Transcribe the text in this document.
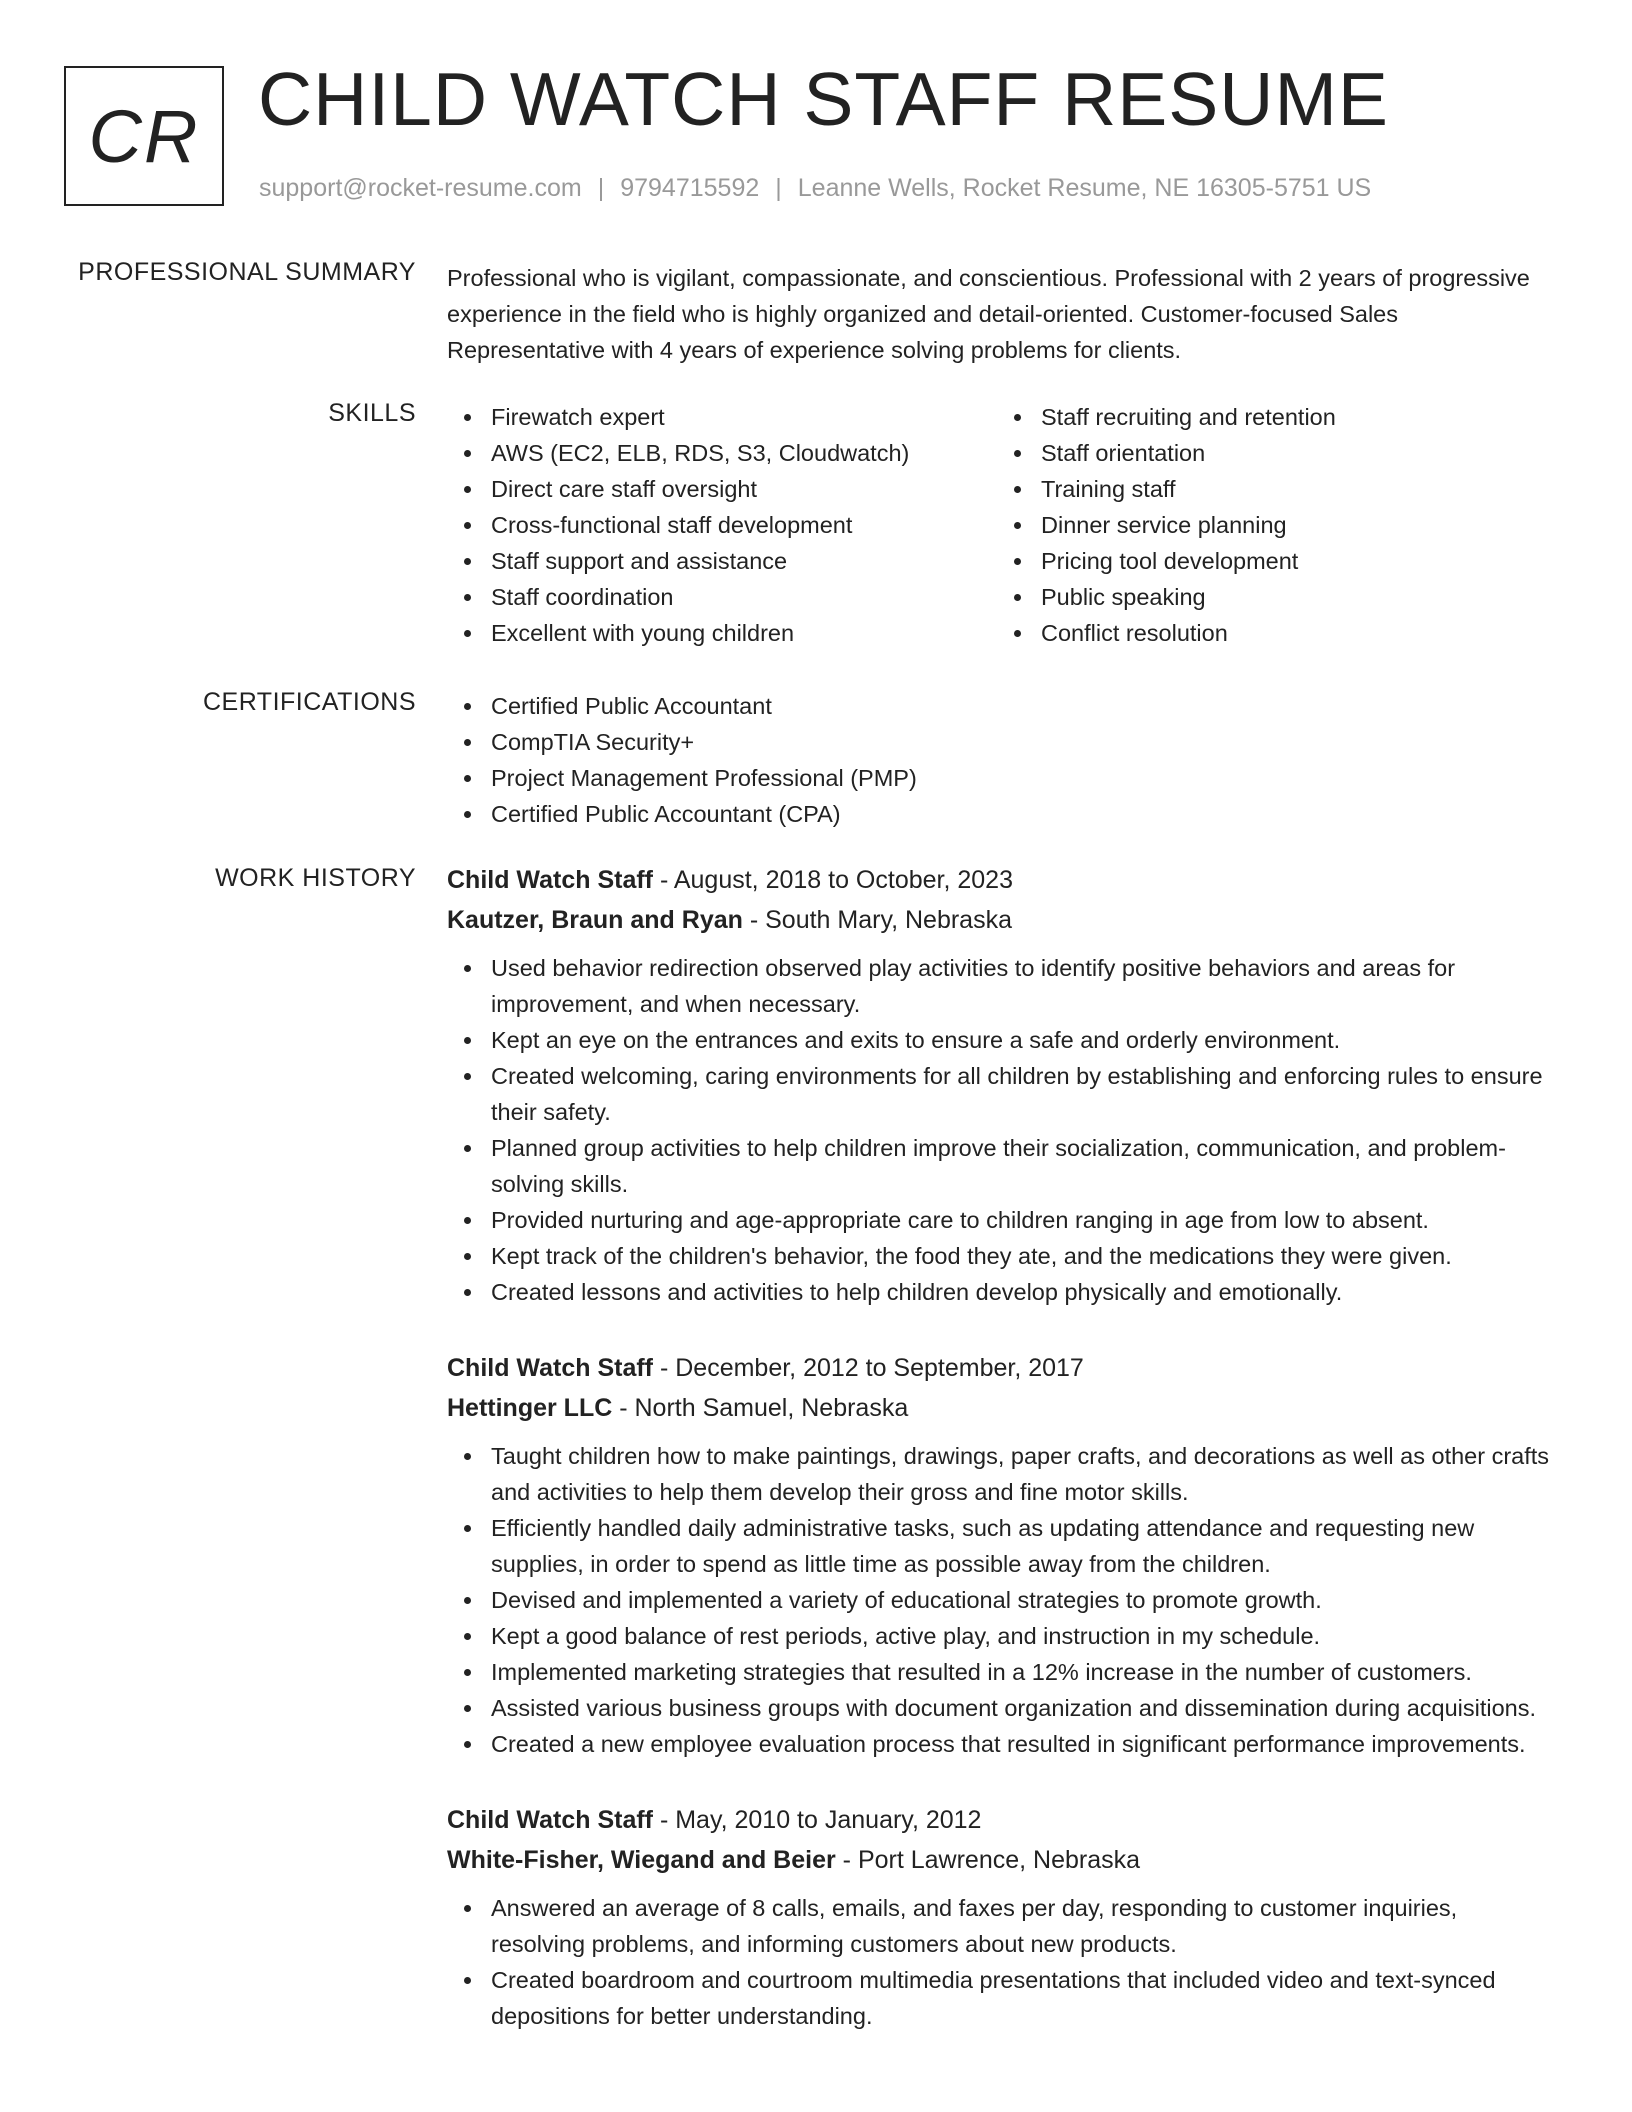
CR CHILD WATCH STAFF RESUME
support@rocket-resume.com | 9794715592 | Leanne Wells, Rocket Resume, NE 16305-5751 US
PROFESSIONAL SUMMARY Professional who is vigilant, compassionate, and conscientious. Professional with 2 years of progressive experience in the field who is highly organized and detail-oriented. Customer-focused Sales Representative with 4 years of experience solving problems for clients.

SKILLS	Firewatch expert
AWS (EC2, ELB, RDS, S3, Cloudwatch)
Direct care staff oversight
Cross-functional staff development
Staff support and assistance
Staff coordination
Excellent with young children
Staff recruiting and retention
Staff orientation
Training staff
Dinner service planning
Pricing tool development
Public speaking
Conflict resolution
CERTIFICATIONS	Certified Public Accountant
CompTIA Security+
Project Management Professional (PMP)
Certified Public Accountant (CPA)
WORK HISTORY Child Watch Staff - August, 2018 to October, 2023
Kautzer, Braun and Ryan - South Mary, Nebraska
Used behavior redirection observed play activities to identify positive behaviors and areas for improvement, and when necessary.
Kept an eye on the entrances and exits to ensure a safe and orderly environment.
Created welcoming, caring environments for all children by establishing and enforcing rules to ensure their safety.
Planned group activities to help children improve their socialization, communication, and problem-solving skills.
Provided nurturing and age-appropriate care to children ranging in age from low to absent.
Kept track of the children's behavior, the food they ate, and the medications they were given.
Created lessons and activities to help children develop physically and emotionally.
Child Watch Staff - December, 2012 to September, 2017
Hettinger LLC - North Samuel, Nebraska
Taught children how to make paintings, drawings, paper crafts, and decorations as well as other crafts and activities to help them develop their gross and fine motor skills.
Efficiently handled daily administrative tasks, such as updating attendance and requesting new supplies, in order to spend as little time as possible away from the children.
Devised and implemented a variety of educational strategies to promote growth.
Kept a good balance of rest periods, active play, and instruction in my schedule.
Implemented marketing strategies that resulted in a 12% increase in the number of customers.
Assisted various business groups with document organization and dissemination during acquisitions.
Created a new employee evaluation process that resulted in significant performance improvements.
Child Watch Staff - May, 2010 to January, 2012
White-Fisher, Wiegand and Beier - Port Lawrence, Nebraska
Answered an average of 8 calls, emails, and faxes per day, responding to customer inquiries, resolving problems, and informing customers about new products.
Created boardroom and courtroom multimedia presentations that included video and text-synced depositions for better understanding.
